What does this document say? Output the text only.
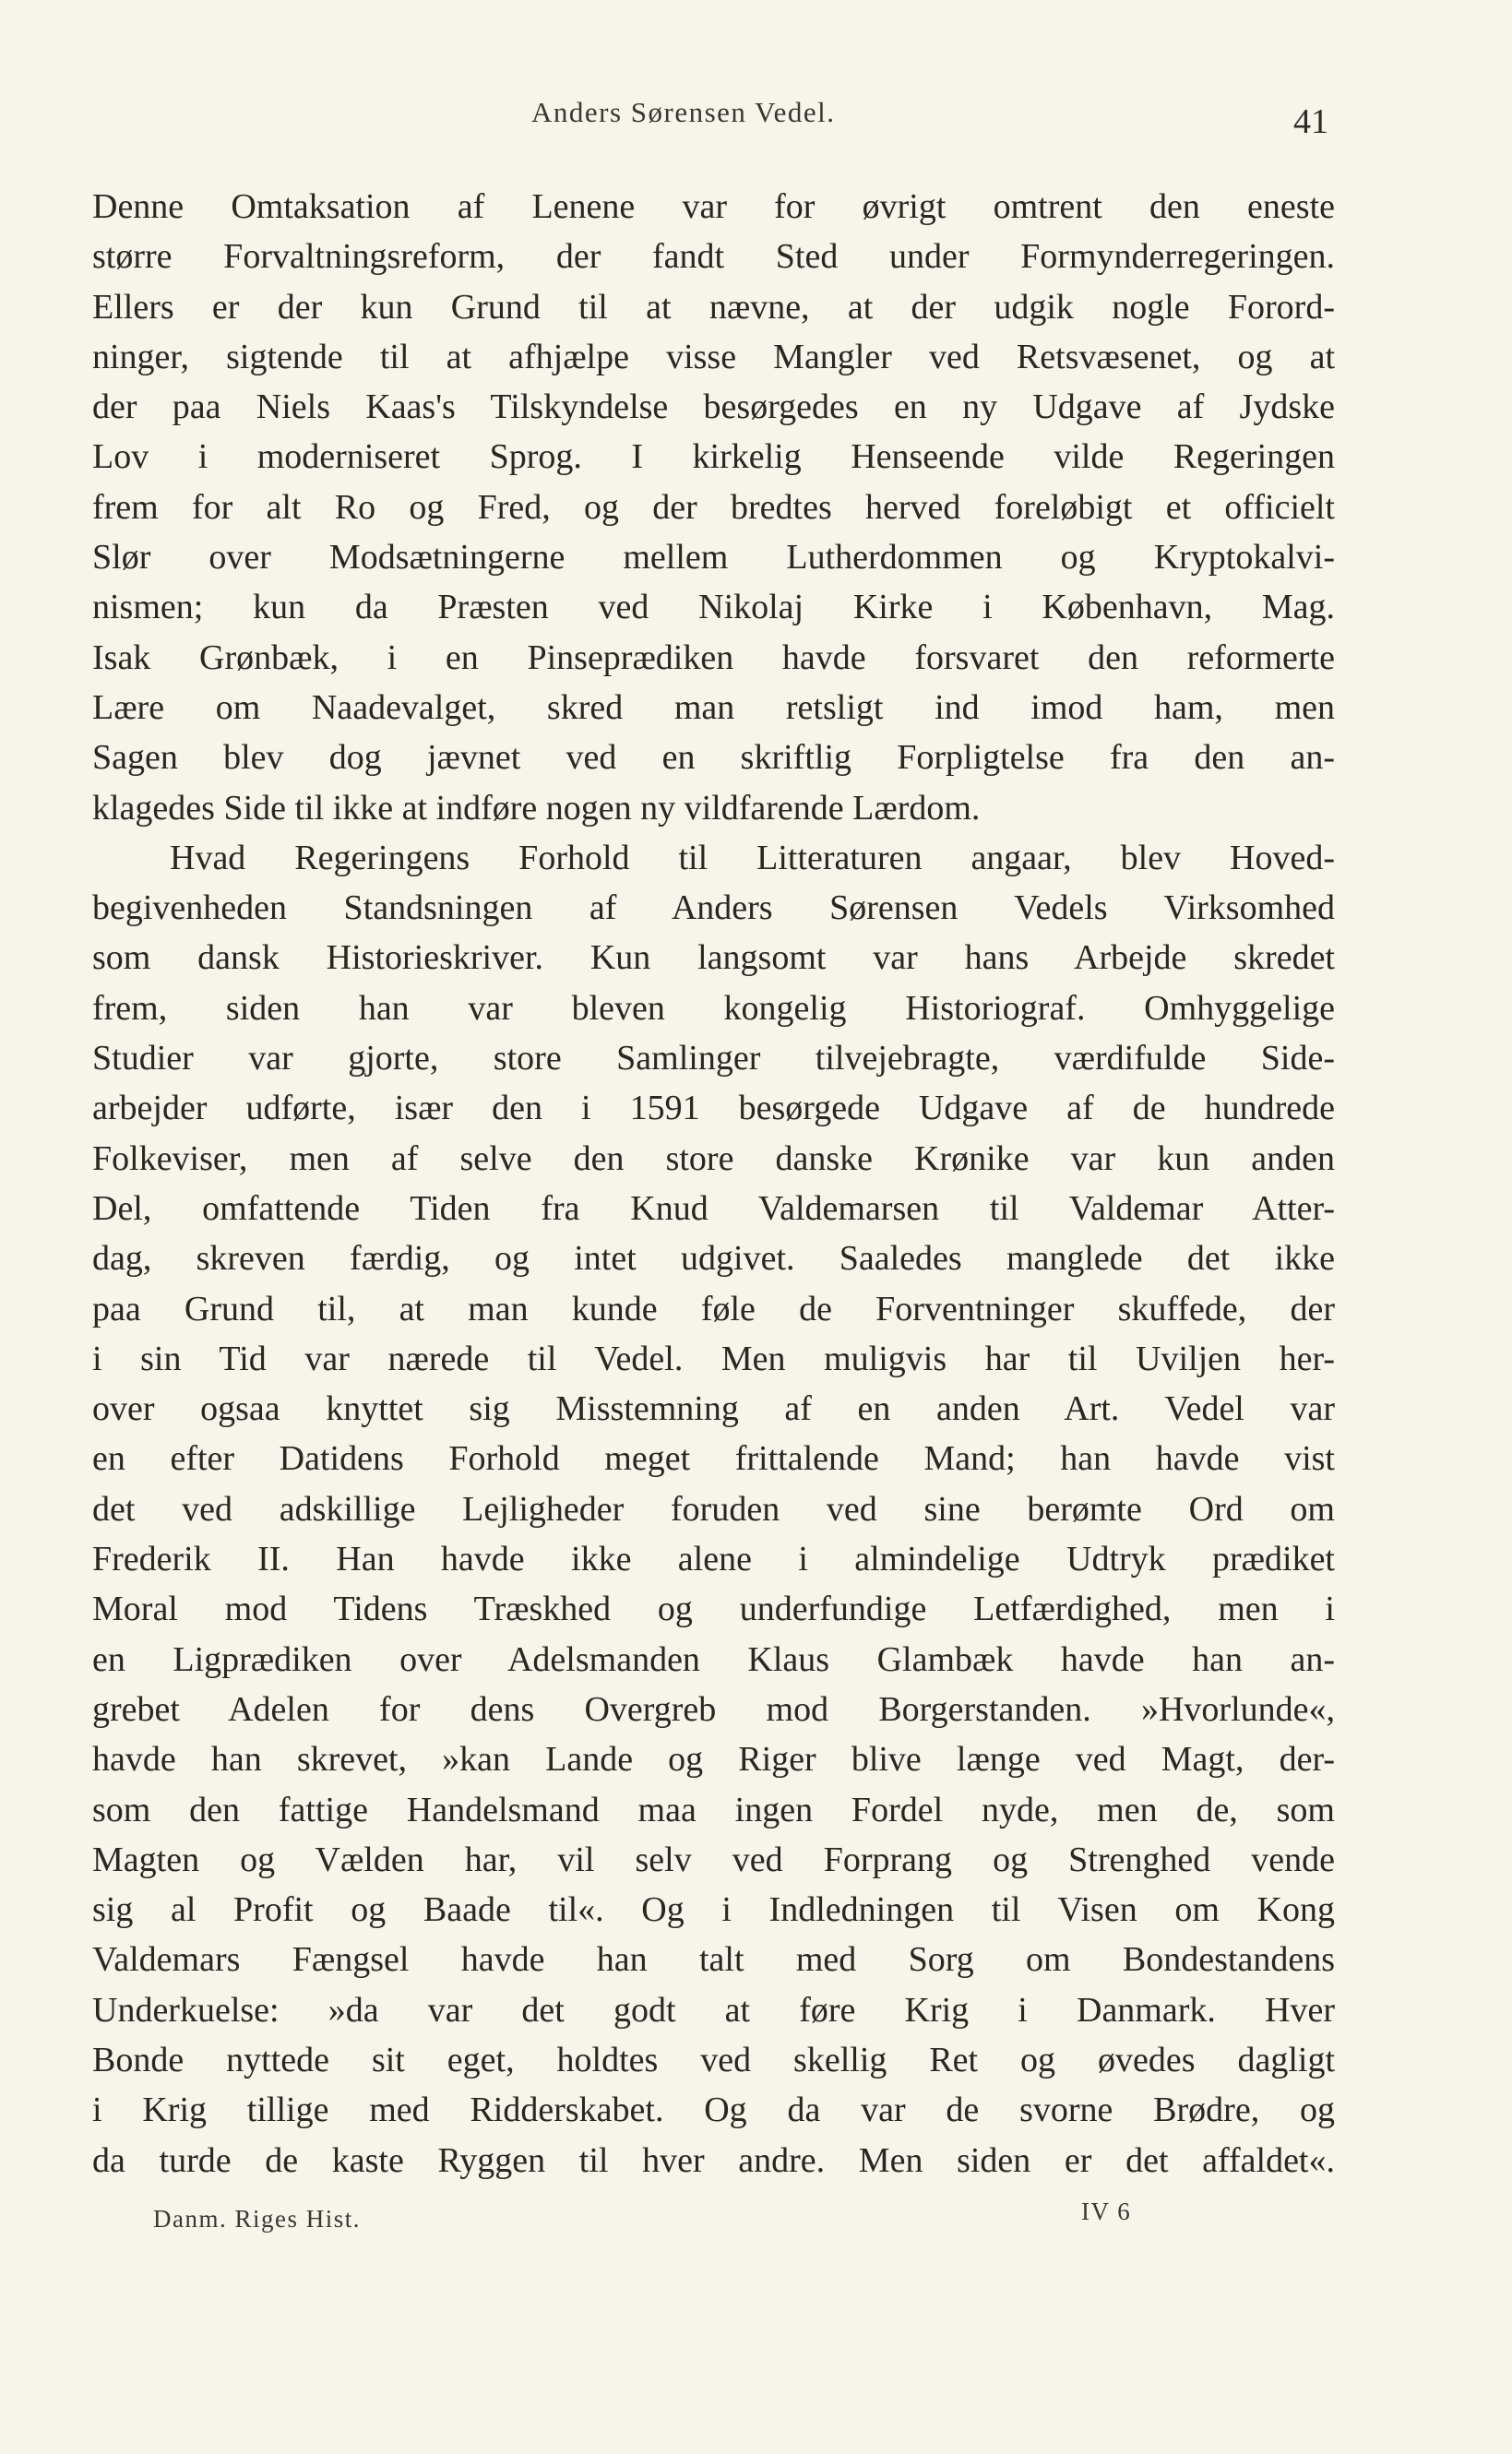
Anders Sørensen Vedel.	41
Denne Omtaksation af Lenene var for øvrigt omtrent den eneste
større Forvaltningsreform, der fandt Sted under Formynderregeringen.
Ellers er der kun Grund til at nævne, at der udgik nogle Forord-
ninger, sigtende til at afhjælpe visse Mangler ved Retsvæsenet, og at
der paa Niels Kaas's Tilskyndelse besørgedes en ny Udgave af Jydske
Lov i moderniseret Sprog. I kirkelig Henseende vilde Regeringen
frem for alt Ro og Fred, og der bredtes herved foreløbigt et officielt
Slør over Modsætningerne mellem Lutherdommen og Kryptokalvi-
nismen; kun da Præsten ved Nikolaj Kirke i København, Mag.
Isak Grønbæk, i en Pinseprædiken havde forsvaret den reformerte
Lære om Naadevalget, skred man retsligt ind imod ham, men
Sagen blev dog jævnet ved en skriftlig Forpligtelse fra den an-
klagedes Side til ikke at indføre nogen ny vildfarende Lærdom.
Hvad Regeringens Forhold til Litteraturen angaar, blev Hoved-
begivenheden Standsningen af Anders Sørensen Vedels Virksomhed
som dansk Historieskriver. Kun langsomt var hans Arbejde skredet
frem, siden han var bleven kongelig Historiograf. Omhyggelige
Studier var gjorte, store Samlinger tilvejebragte, værdifulde Side-
arbejder udførte, især den i 1591 besørgede Udgave af de hundrede
Folkeviser, men af selve den store danske Krønike var kun anden
Del, omfattende Tiden fra Knud Valdemarsen til Valdemar Atter-
dag, skreven færdig, og intet udgivet. Saaledes manglede det ikke
paa Grund til, at man kunde føle de Forventninger skuffede, der
i sin Tid var nærede til Vedel. Men muligvis har til Uviljen her-
over ogsaa knyttet sig Misstemning af en anden Art. Vedel var
en efter Datidens Forhold meget frittalende Mand; han havde vist
det ved adskillige Lejligheder foruden ved sine berømte Ord om
Frederik II. Han havde ikke alene i almindelige Udtryk prædiket
Moral mod Tidens Træskhed og underfundige Letfærdighed, men i
en Ligprædiken over Adelsmanden Klaus Glambæk havde han an-
grebet Adelen for dens Overgreb mod Borgerstanden. »Hvorlunde«,
havde han skrevet, »kan Lande og Riger blive længe ved Magt, der-
som den fattige Handelsmand maa ingen Fordel nyde, men de, som
Magten og Vælden har, vil selv ved Forprang og Strenghed vende
sig al Profit og Baade til«. Og i Indledningen til Visen om Kong
Valdemars Fængsel havde han talt med Sorg om Bondestandens
Underkuelse: »da var det godt at føre Krig i Danmark. Hver
Bonde nyttede sit eget, holdtes ved skellig Ret og øvedes dagligt
i Krig tillige med Ridderskabet. Og da var de svorne Brødre, og
da turde de kaste Ryggen til hver andre. Men siden er det affaldet«.
Danm. Riges Hist.	IV 6
